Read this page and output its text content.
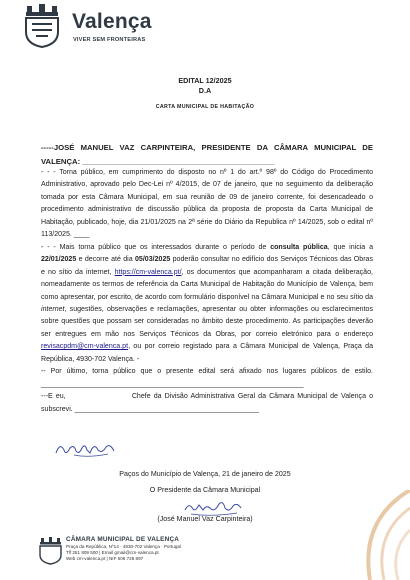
Valença
VIVER SEM FRONTEIRAS
EDITAL 12/2025
D.A
CARTA MUNICIPAL DE HABITAÇÃO
-----JOSÉ MANUEL VAZ CARPINTEIRA, PRESIDENTE DA CÂMARA MUNICIPAL DE VALENÇA: _____________________________________________
- - - Torna público, em cumprimento do disposto no nº 1 do art.º 98º do Código do Procedimento Administrativo, aprovado pelo Dec-Lei nº 4/2015, de 07 de janeiro, que no seguimento da deliberação tomada por esta Câmara Municipal, em sua reunião de 09 de janeiro corrente, foi desencadeado o procedimento administrativo de discussão pública da proposta de proposta da Carta Municipal de Habitação, publicado, hoje, dia 21/01/2025 na 2ª série do Diário da Republica nº 14/2025, sob o edital nº 113/2025. ____
- - - Mais torna público que os interessados durante o período de consulta pública, que inicia a 22/01/2025 e decorre até dia 05/03/2025 poderão consultar no edifício dos Serviços Técnicos das Obras e no sítio da internet, https://cm-valenca.pt/, os documentos que acompanharam a citada deliberação, nomeadamente os termos de referência da Carta Municipal de Habitação do Município de Valença, bem como apresentar, por escrito, de acordo com formulário disponível na Câmara Municipal e no seu sítio da internet, sugestões, observações e reclamações, apresentar ou obter informações ou esclarecimentos sobre questões que possam ser consideradas no âmbito deste procedimento. As participações deverão ser entregues em mão nos Serviços Técnicos da Obras, por correio eletrónico para o endereço revisacpdm@cm-valenca.pt, ou por correio registado para a Câmara Municipal de Valença, Praça da República, 4930-702 Valença. -
-- Por último, torna público que o presente edital será afixado nos lugares públicos de estilo. ___________________________________________________________________
---E eu,	Chefe da Divisão Administrativa Geral da Câmara Municipal de Valença o subscrevi. _______________________________________________
Paços do Município de Valença, 21 de janeiro de 2025
O Presidente da Câmara Municipal
(José Manuel Vaz Carpinteira)
CÂMARA MUNICIPAL DE VALENÇA
Praça da República, Nº14 · 4930-702 Valença · Portugal
Tlf 251 809 500 | Email gmail@cm-valenca.pt
Web cm-valenca.pt | NIF 506 728 897
